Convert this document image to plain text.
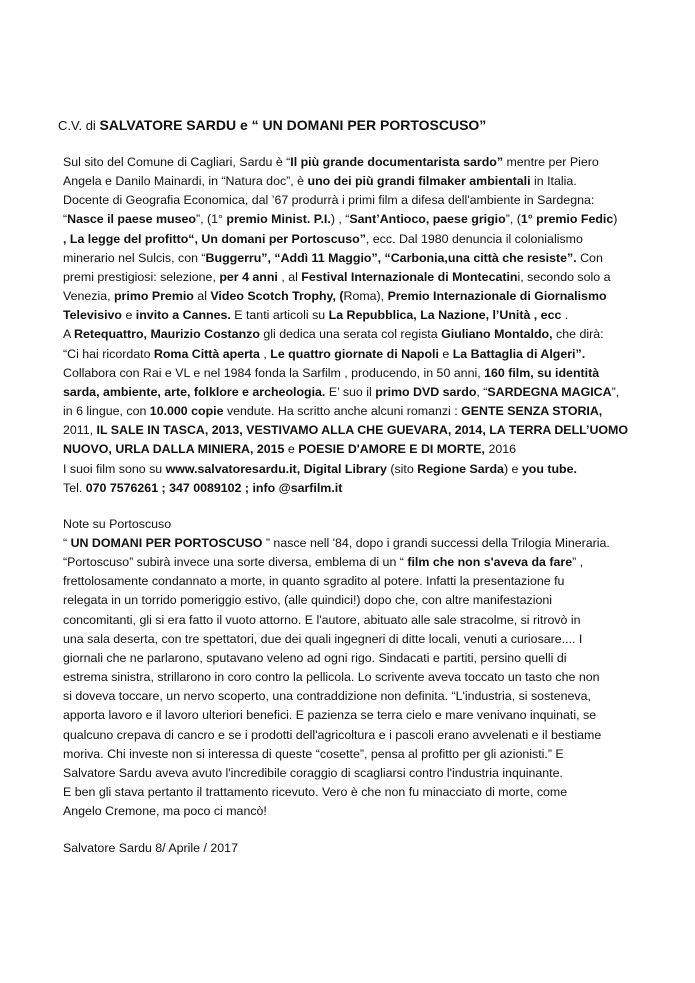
C.V. di SALVATORE SARDU e “ UN DOMANI PER PORTOSCUSO”
Sul sito del Comune di Cagliari, Sardu è “Il più grande documentarista sardo” mentre per Piero
Angela e Danilo Mainardi, in “Natura doc”, è uno dei più grandi filmaker ambientali in Italia.
Docente di Geografia Economica, dal ’67 produrrà i primi film a difesa dell'ambiente in Sardegna:
“Nasce il paese museo”, (1° premio Minist. P.I.) , “Sant’Antioco, paese grigio”, (1° premio Fedic)
, La legge del profitto“, Un domani per Portoscuso”, ecc. Dal 1980 denuncia il colonialismo
minerario nel Sulcis, con “Buggerru”, “Addì 11 Maggio”, “Carbonia,una città che resiste”. Con
premi prestigiosi: selezione, per 4 anni , al Festival Internazionale di Montecatini, secondo solo a
Venezia, primo Premio al Video Scotch Trophy, (Roma), Premio Internazionale di Giornalismo
Televisivo e invito a Cannes. E tanti articoli su La Repubblica, La Nazione, l’Unità , ecc .
A Retequattro, Maurizio Costanzo gli dedica una serata col regista Giuliano Montaldo, che dirà:
“Ci hai ricordato Roma Città aperta , Le quattro giornate di Napoli e La Battaglia di Algeri”.
Collabora con Rai e VL e nel 1984 fonda la Sarfilm , producendo, in 50 anni, 160 film, su identità
sarda, ambiente, arte, folklore e archeologia. E’ suo il primo DVD sardo, “SARDEGNA MAGICA”,
in 6 lingue, con 10.000 copie vendute. Ha scritto anche alcuni romanzi : GENTE SENZA STORIA,
2011, IL SALE IN TASCA, 2013, VESTIVAMO ALLA CHE GUEVARA, 2014, LA TERRA DELL’UOMO
NUOVO, URLA DALLA MINIERA, 2015 e POESIE D'AMORE E DI MORTE, 2016
I suoi film sono su www.salvatoresardu.it, Digital Library (sito Regione Sarda) e you tube.
Tel. 070 7576261 ; 347 0089102 ; info @sarfilm.it
Note su Portoscuso
“ UN DOMANI PER PORTOSCUSO ” nasce nell '84, dopo i grandi successi della Trilogia Mineraria.
“Portoscuso” subirà invece una sorte diversa, emblema di un “ film che non s'aveva da fare” ,
frettolosamente condannato a morte, in quanto sgradito al potere. Infatti la presentazione fu
relegata in un torrido pomeriggio estivo, (alle quindici!) dopo che, con altre manifestazioni
concomitanti, gli si era fatto il vuoto attorno. E l'autore, abituato alle sale stracolme, si ritrovò in
una sala deserta, con tre spettatori, due dei quali ingegneri di ditte locali, venuti a curiosare.... I
giornali che ne parlarono, sputavano veleno ad ogni rigo. Sindacati e partiti, persino quelli di
estrema sinistra, strillarono in coro contro la pellicola. Lo scrivente aveva toccato un tasto che non
si doveva toccare, un nervo scoperto, una contraddizione non definita. “L'industria, si sosteneva,
apporta lavoro e il lavoro ulteriori benefici. E pazienza se terra cielo e mare venivano inquinati, se
qualcuno crepava di cancro e se i prodotti dell'agricoltura e i pascoli erano avvelenati e il bestiame
moriva. Chi investe non si interessa di queste “cosette”, pensa al profitto per gli azionisti.” E
Salvatore Sardu aveva avuto l'incredibile coraggio di scagliarsi contro l'industria inquinante.
E ben gli stava pertanto il trattamento ricevuto. Vero è che non fu minacciato di morte, come
Angelo Cremone, ma poco ci mancò!
Salvatore Sardu 8/ Aprile / 2017
